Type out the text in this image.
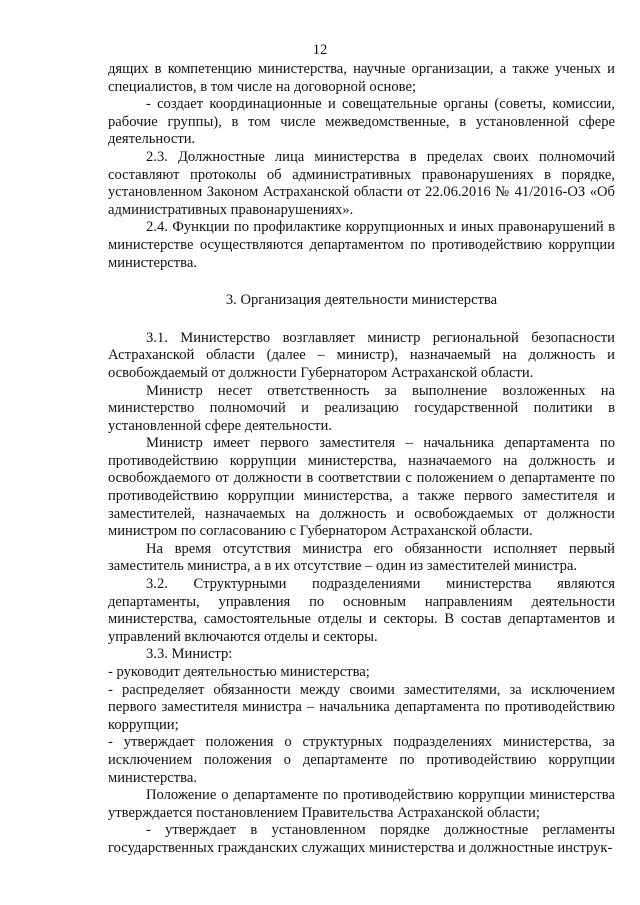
12

дящих в компетенцию министерства, научные организации, а также ученых и специалистов, в том числе на договорной основе;

- создает координационные и совещательные органы (советы, комиссии, рабочие группы), в том числе межведомственные, в установленной сфере деятельности.

2.3. Должностные лица министерства в пределах своих полномочий составляют протоколы об административных правонарушениях в порядке, установленном Законом Астраханской области от 22.06.2016 № 41/2016-ОЗ «Об административных правонарушениях».

2.4. Функции по профилактике коррупционных и иных правонарушений в министерстве осуществляются департаментом по противодействию коррупции министерства.

3. Организация деятельности министерства

3.1. Министерство возглавляет министр региональной безопасности Астраханской области (далее – министр), назначаемый на должность и освобождаемый от должности Губернатором Астраханской области.

Министр несет ответственность за выполнение возложенных на министерство полномочий и реализацию государственной политики в установленной сфере деятельности.

Министр имеет первого заместителя – начальника департамента по противодействию коррупции министерства, назначаемого на должность и освобождаемого от должности в соответствии с положением о департаменте по противодействию коррупции министерства, а также первого заместителя и заместителей, назначаемых на должность и освобождаемых от должности министром по согласованию с Губернатором Астраханской области.

На время отсутствия министра его обязанности исполняет первый заместитель министра, а в их отсутствие – один из заместителей министра.

3.2. Структурными подразделениями министерства являются департаменты, управления по основным направлениям деятельности министерства, самостоятельные отделы и секторы. В состав департаментов и управлений включаются отделы и секторы.

3.3. Министр:

- руководит деятельностью министерства;

- распределяет обязанности между своими заместителями, за исключением первого заместителя министра – начальника департамента по противодействию коррупции;

- утверждает положения о структурных подразделениях министерства, за исключением положения о департаменте по противодействию коррупции министерства.

Положение о департаменте по противодействию коррупции министерства утверждается постановлением Правительства Астраханской области;

- утверждает в установленном порядке должностные регламенты государственных гражданских служащих министерства и должностные инструк-
